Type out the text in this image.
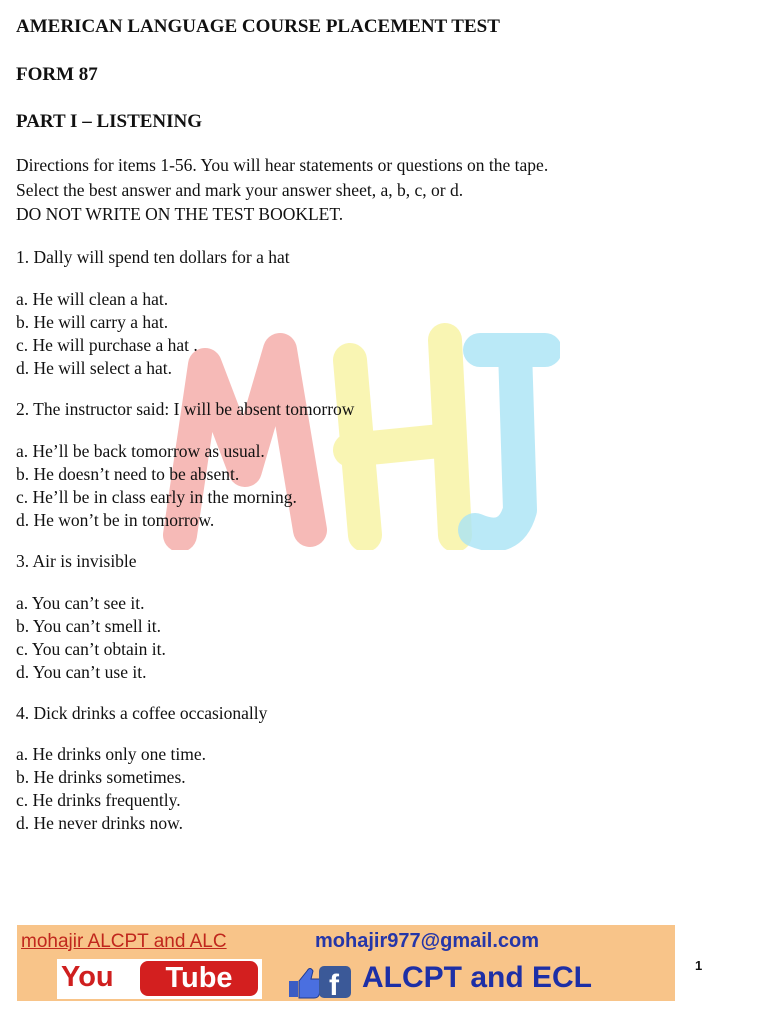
AMERICAN LANGUAGE COURSE PLACEMENT TEST
FORM 87
PART I – LISTENING
Directions for items 1-56. You will hear statements or questions on the tape.
Select the best answer and mark your answer sheet, a, b, c, or d.
DO NOT WRITE ON THE TEST BOOKLET.
1. Dally will spend ten dollars for a hat
a. He will clean a hat.
b. He will carry a hat.
c. He will purchase a hat .
d. He will select a hat.
2. The instructor said: I will be absent tomorrow
a. He’ll be back tomorrow as usual.
b. He doesn’t need to be absent.
c. He’ll be in class early in the morning.
d. He won’t be in tomorrow.
3. Air is invisible
a. You can’t see it.
b. You can’t smell it.
c. You can’t obtain it.
d. You can’t use it.
4. Dick drinks a coffee occasionally
a. He drinks only one time.
b. He drinks sometimes.
c. He drinks frequently.
d. He never drinks now.
mohajir ALCPT and ALC	mohajir977@gmail.com
You	Tube	f ALCPT and ECL	1
